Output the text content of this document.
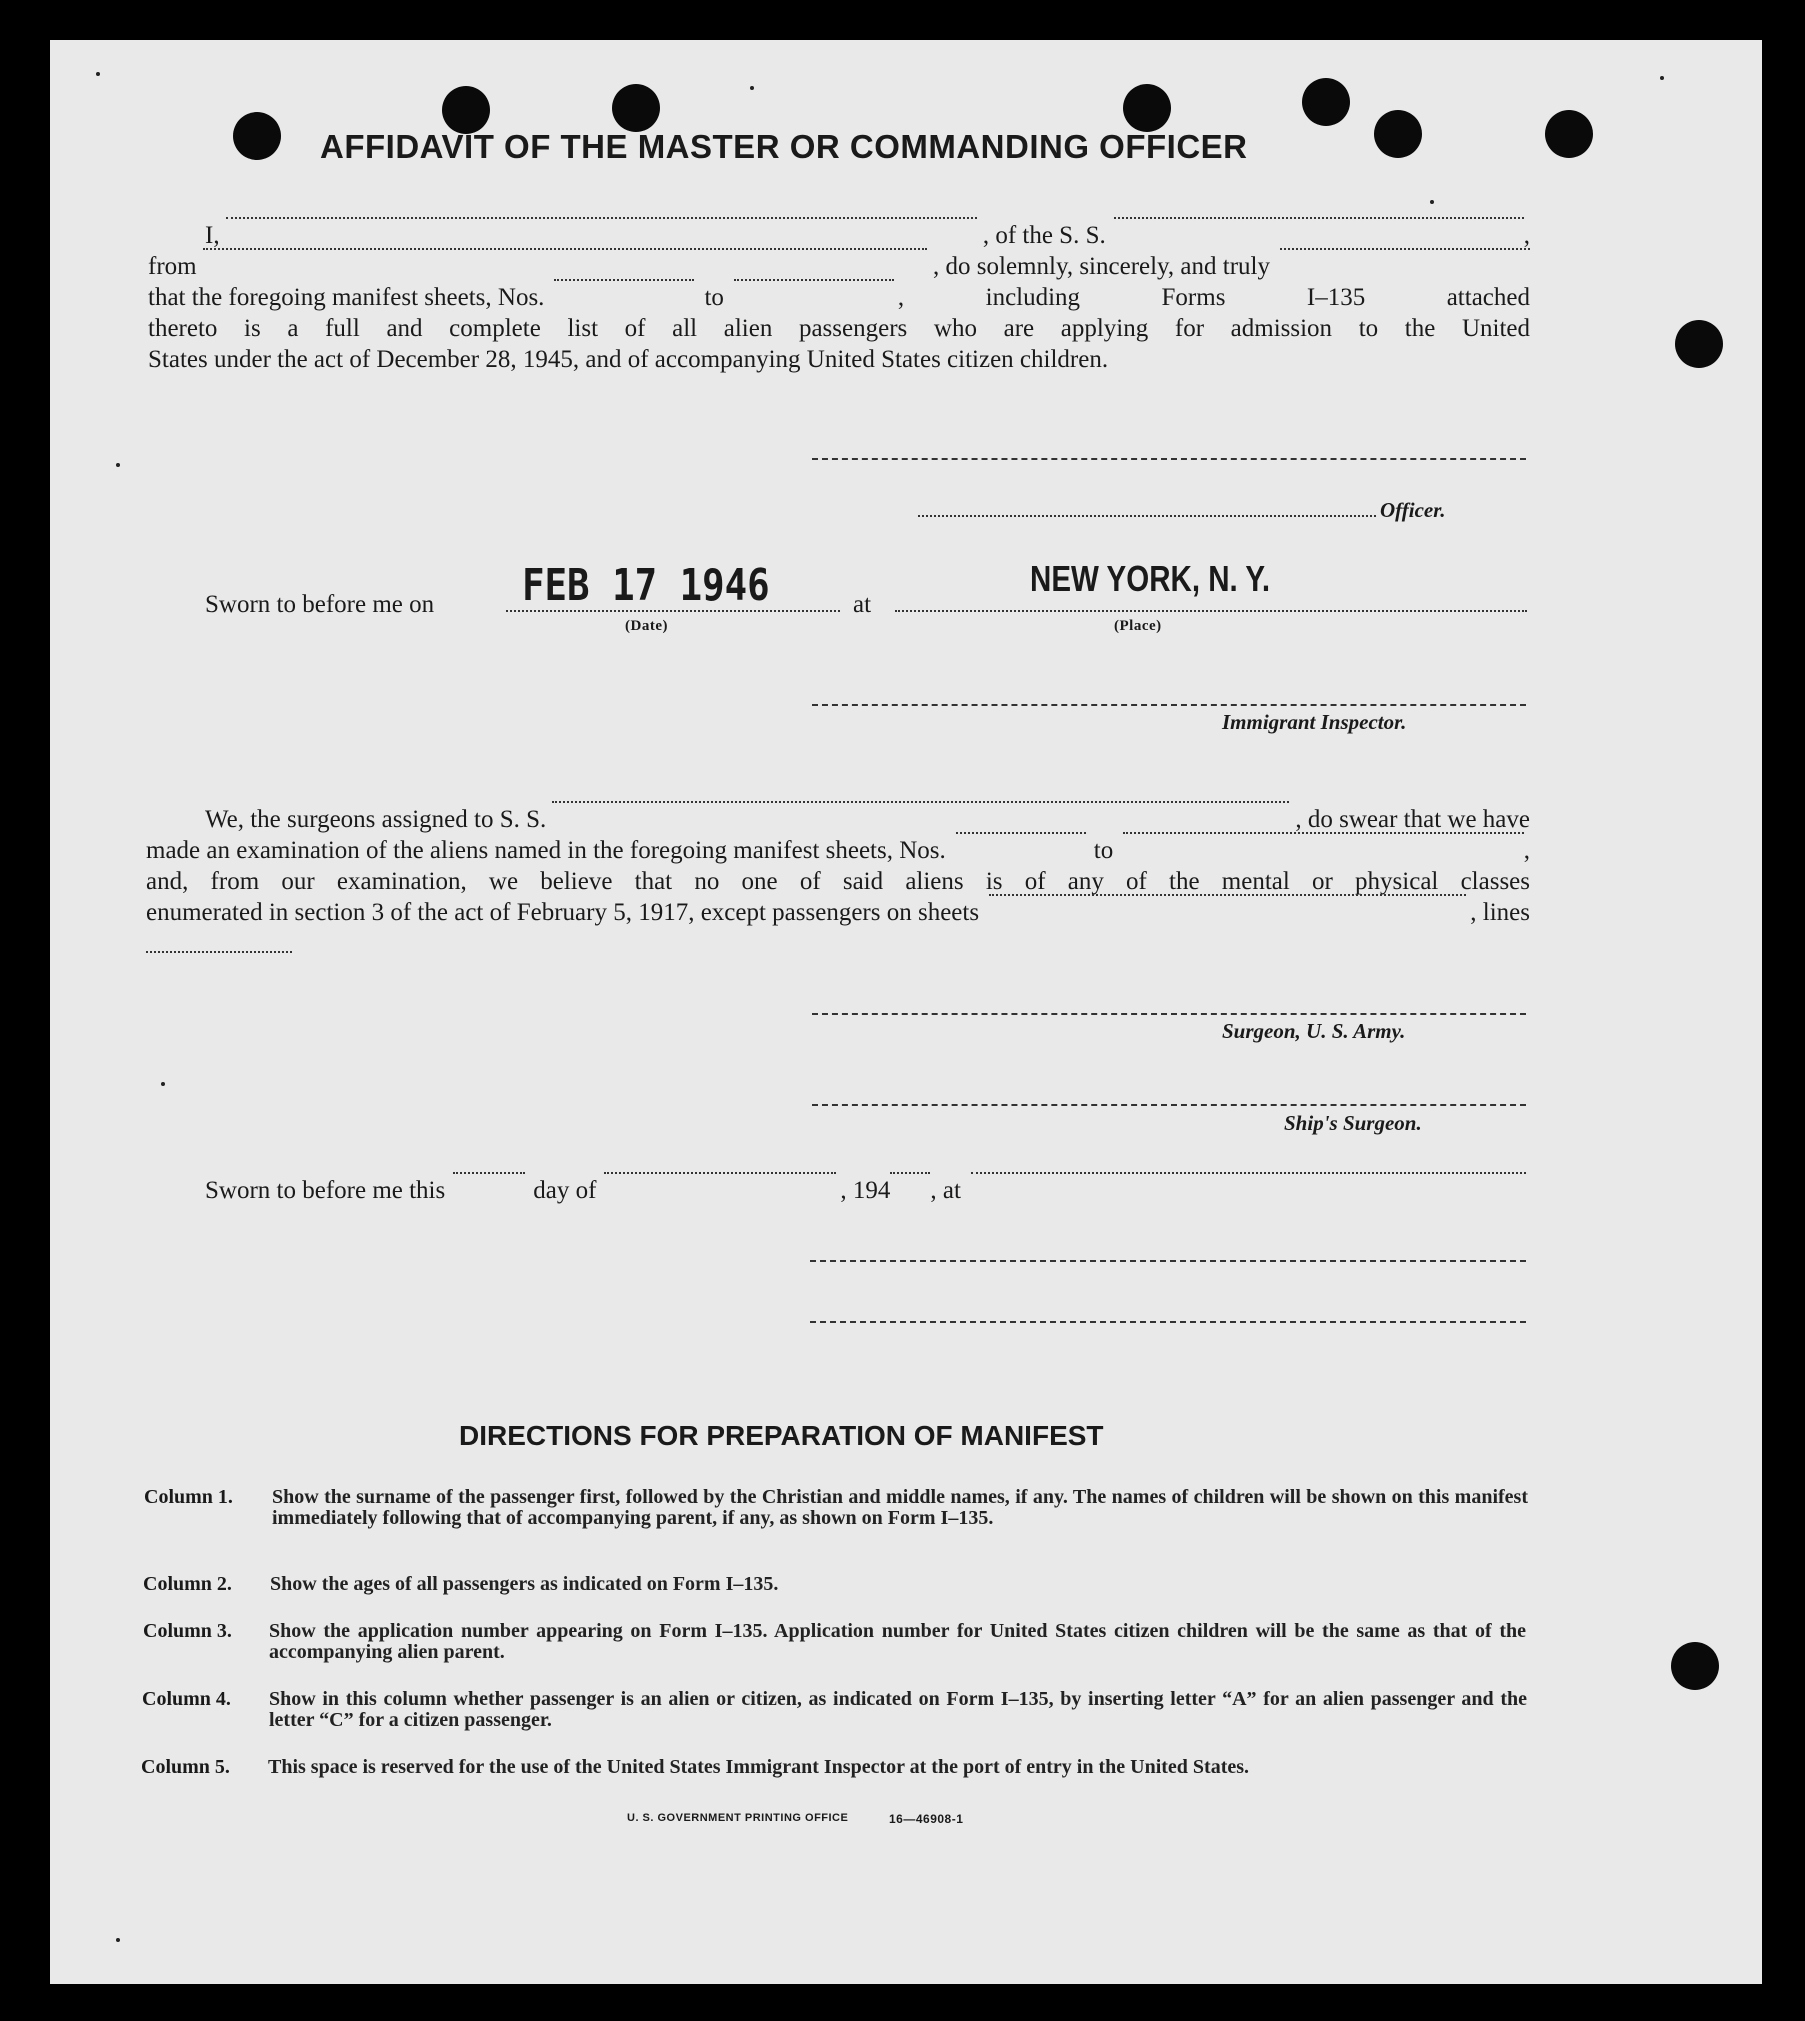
AFFIDAVIT OF THE MASTER OR COMMANDING OFFICER
I,	, of the S. S.	,
from	, do solemnly, sincerely, and truly
that the foregoing manifest sheets, Nos.	to	, including Forms I–135 attached
thereto is a full and complete list of all alien passengers who are applying for admission to the United
States under the act of December 28, 1945, and of accompanying United States citizen children.
Officer.
Sworn to before me on FEB 17 1946
(Date)
at
NEW YORK, N. Y.
(Place)
Immigrant Inspector.
We, the surgeons assigned to S. S.	, do swear that we have
made an examination of the aliens named in the foregoing manifest sheets, Nos.	to	,
and, from our examination, we believe that no one of said aliens is of any of the mental or physical classes
enumerated in section 3 of the act of February 5, 1917, except passengers on sheets	, lines
Surgeon, U. S. Army.
Ship's Surgeon.
Sworn to before me this	day of	, 194 , at
DIRECTIONS FOR PREPARATION OF MANIFEST
Column 1. Show the surname of the passenger first, followed by the Christian and middle names, if any. The names of children will be shown on this manifest immediately following that of accompanying parent, if any, as shown on Form I–135.
Column 2. Show the ages of all passengers as indicated on Form I–135.
Column 3. Show the application number appearing on Form I–135. Application number for United States citizen children will be the same as that of the accompanying alien parent.
Column 4. Show in this column whether passenger is an alien or citizen, as indicated on Form I–135, by inserting letter “A” for an alien passenger and the letter “C” for a citizen passenger.
Column 5. This space is reserved for the use of the United States Immigrant Inspector at the port of entry in the United States.
U. S. GOVERNMENT PRINTING OFFICE	16—46908-1
